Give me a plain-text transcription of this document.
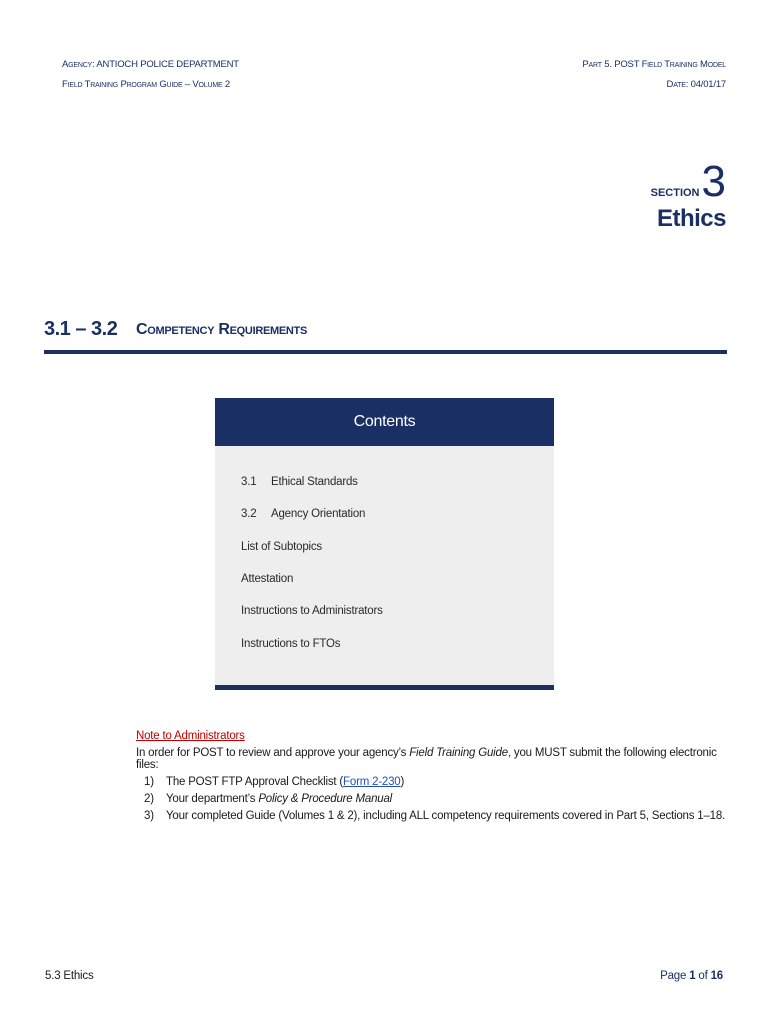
Agency: ANTIOCH POLICE DEPARTMENT
Field Training Program Guide – Volume 2
Part 5. POST Field Training Model
Date: 04/01/17
SECTION3
Ethics
3.1 – 3.2 Competency Requirements
Contents
3.1 Ethical Standards
3.2 Agency Orientation
List of Subtopics
Attestation
Instructions to Administrators
Instructions to FTOs
Note to Administrators
In order for POST to review and approve your agency’s Field Training Guide, you MUST submit the following electronic files:
1) The POST FTP Approval Checklist (Form 2-230)
2) Your department’s Policy & Procedure Manual
3) Your completed Guide (Volumes 1 & 2), including ALL competency requirements covered in Part 5, Sections 1–18.
5.3 Ethics	Page 1 of 16
